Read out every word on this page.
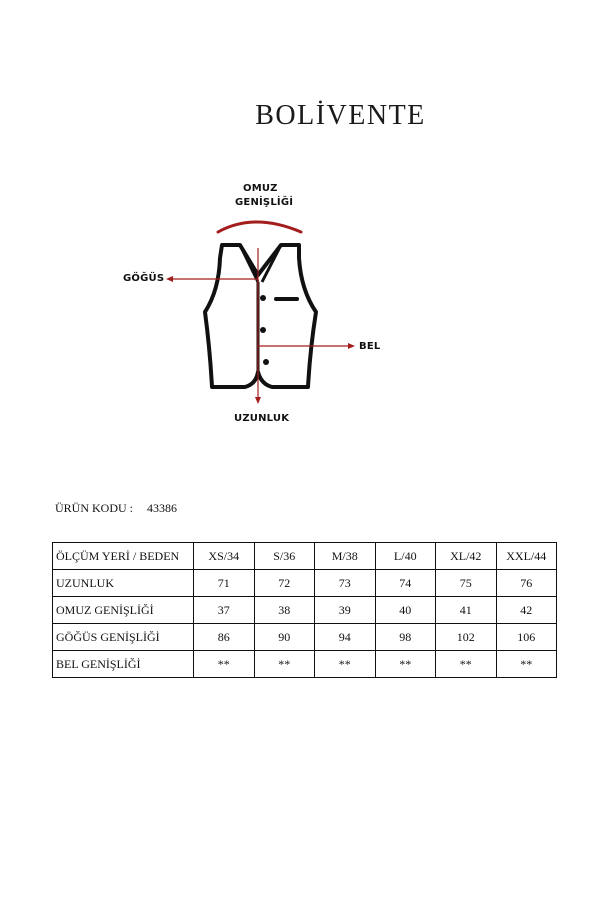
BOLİVENTE
OMUZ
GENİŞLİĞİ
GÖĞÜS
BEL
UZUNLUK
ÜRÜN KODU : 43386
ÖLÇÜM YERİ / BEDEN	XS/34	S/36	M/38	L/40	XL/42	XXL/44
UZUNLUK	71	72	73	74	75	76
OMUZ GENİŞLİĞİ	37	38	39	40	41	42
GÖĞÜS GENİŞLİĞİ	86	90	94	98	102	106
BEL GENİŞLİĞİ	**	**	**	**	**	**
